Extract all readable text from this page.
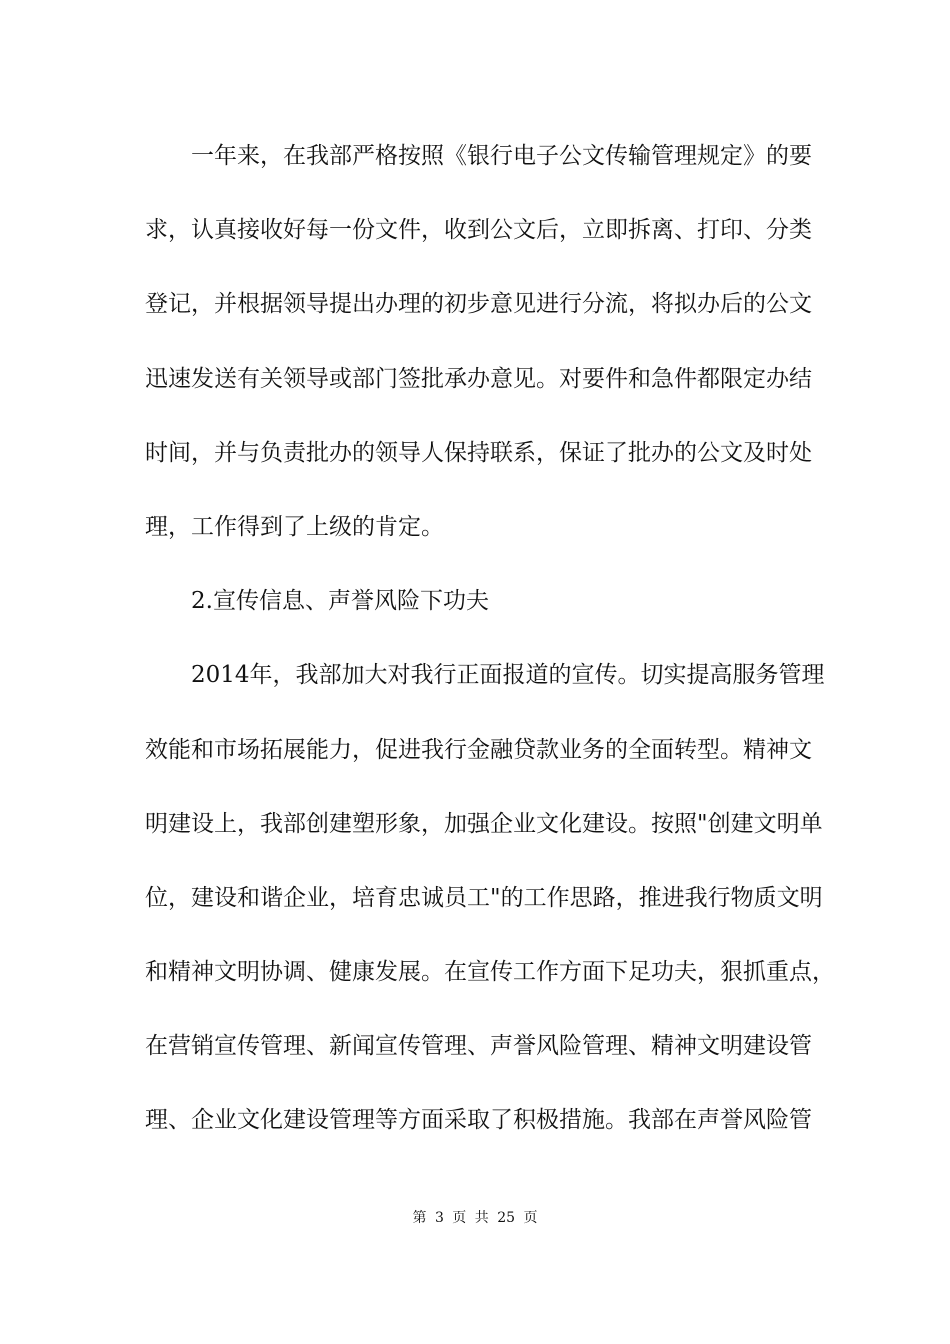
一年来，在我部严格按照《银行电子公文传输管理规定》的要
求，认真接收好每一份文件，收到公文后，立即拆离、打印、分类
登记，并根据领导提出办理的初步意见进行分流，将拟办后的公文
迅速发送有关领导或部门签批承办意见。对要件和急件都限定办结
时间，并与负责批办的领导人保持联系，保证了批办的公文及时处
理，工作得到了上级的肯定。
2.宣传信息、声誉风险下功夫
2014年，我部加大对我行正面报道的宣传。切实提高服务管理
效能和市场拓展能力，促进我行金融贷款业务的全面转型。精神文
明建设上，我部创建塑形象，加强企业文化建设。按照"创建文明单
位，建设和谐企业，培育忠诚员工"的工作思路，推进我行物质文明
和精神文明协调、健康发展。在宣传工作方面下足功夫，狠抓重点，
在营销宣传管理、新闻宣传管理、声誉风险管理、精神文明建设管
理、企业文化建设管理等方面采取了积极措施。我部在声誉风险管
第 3 页 共 25 页
